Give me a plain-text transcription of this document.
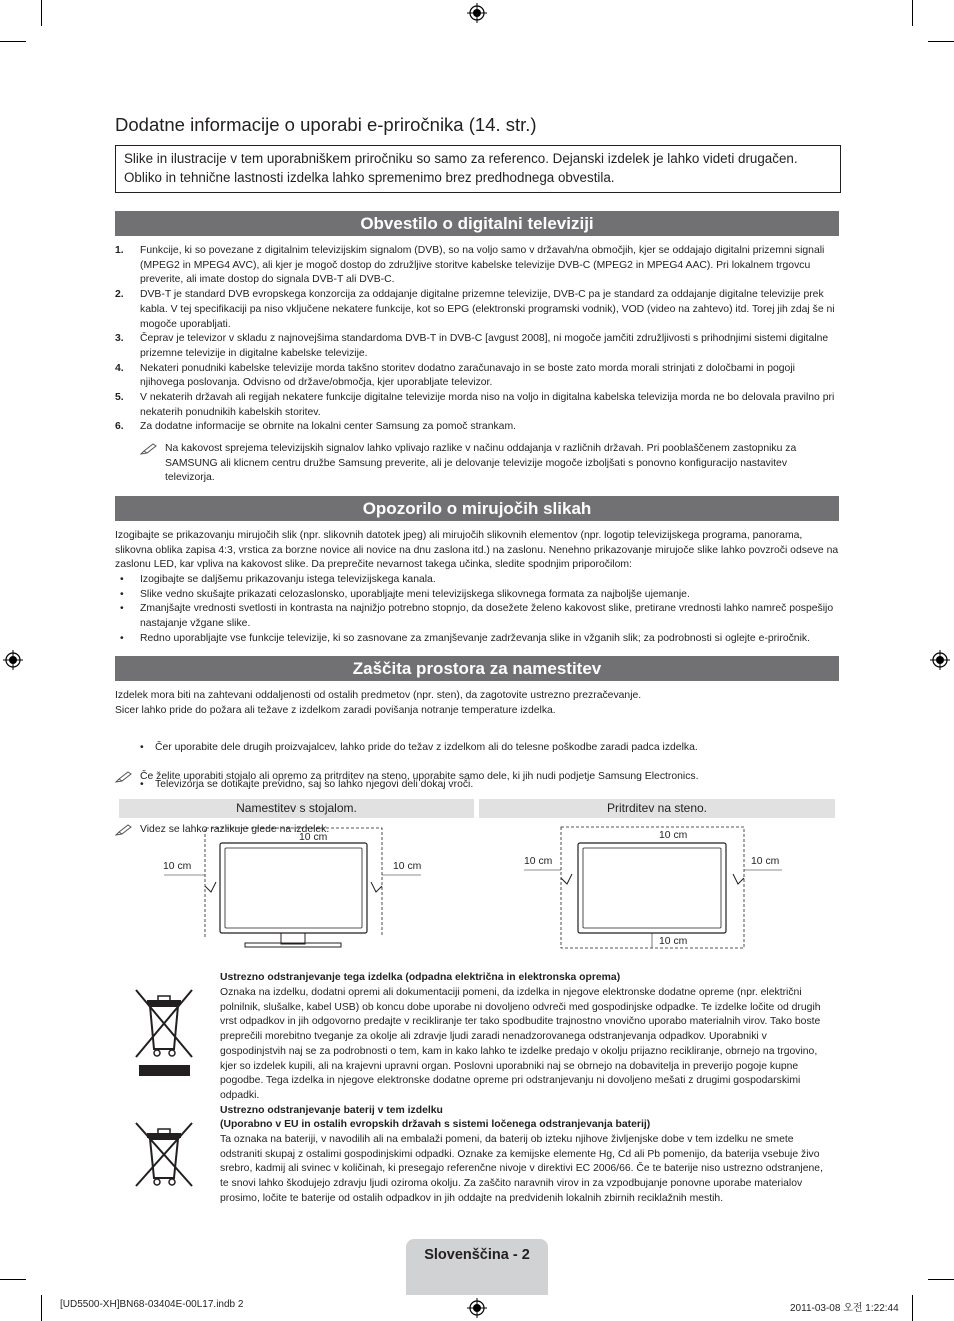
Dodatne informacije o uporabi e-priročnika (14. str.)
Slike in ilustracije v tem uporabniškem priročniku so samo za referenco. Dejanski izdelek je lahko videti drugačen. Obliko in tehnične lastnosti izdelka lahko spremenimo brez predhodnega obvestila.
Obvestilo o digitalni televiziji
1. Funkcije, ki so povezane z digitalnim televizijskim signalom (DVB), so na voljo samo v državah/na območjih, kjer se oddajajo digitalni prizemni signali (MPEG2 in MPEG4 AVC), ali kjer je mogoč dostop do združljive storitve kabelske televizije DVB-C (MPEG2 in MPEG4 AAC). Pri lokalnem trgovcu preverite, ali imate dostop do signala DVB-T ali DVB-C.
2. DVB-T je standard DVB evropskega konzorcija za oddajanje digitalne prizemne televizije, DVB-C pa je standard za oddajanje digitalne televizije prek kabla. V tej specifikaciji pa niso vključene nekatere funkcije, kot so EPG (elektronski programski vodnik), VOD (video na zahtevo) itd. Torej jih zdaj še ni mogoče uporabljati.
3. Čeprav je televizor v skladu z najnovejšima standardoma DVB-T in DVB-C [avgust 2008], ni mogoče jamčiti združljivosti s prihodnjimi sistemi digitalne prizemne televizije in digitalne kabelske televizije.
4. Nekateri ponudniki kabelske televizije morda takšno storitev dodatno zaračunavajo in se boste zato morda morali strinjati z določbami in pogoji njihovega poslovanja. Odvisno od države/območja, kjer uporabljate televizor.
5. V nekaterih državah ali regijah nekatere funkcije digitalne televizije morda niso na voljo in digitalna kabelska televizija morda ne bo delovala pravilno pri nekaterih ponudnikih kabelskih storitev.
6. Za dodatne informacije se obrnite na lokalni center Samsung za pomoč strankam.
Na kakovost sprejema televizijskih signalov lahko vplivajo razlike v načinu oddajanja v različnih državah. Pri pooblaščenem zastopniku za SAMSUNG ali klicnem centru družbe Samsung preverite, ali je delovanje televizije mogoče izboljšati s ponovno konfiguracijo nastavitev televizorja.
Opozorilo o mirujočih slikah
Izogibajte se prikazovanju mirujočih slik (npr. slikovnih datotek jpeg) ali mirujočih slikovnih elementov (npr. logotip televizijskega programa, panorama, slikovna oblika zapisa 4:3, vrstica za borzne novice ali novice na dnu zaslona itd.) na zaslonu. Nenehno prikazovanje mirujoče slike lahko povzroči odseve na zaslonu LED, kar vpliva na kakovost slike. Da preprečite nevarnost takega učinka, sledite spodnjim priporočilom:
• Izogibajte se daljšemu prikazovanju istega televizijskega kanala.
• Slike vedno skušajte prikazati celozaslonsko, uporabljajte meni televizijskega slikovnega formata za najboljše ujemanje.
• Zmanjšajte vrednosti svetlosti in kontrasta na najnižjo potrebno stopnjo, da dosežete želeno kakovost slike, pretirane vrednosti lahko namreč pospešijo nastajanje vžgane slike.
• Redno uporabljajte vse funkcije televizije, ki so zasnovane za zmanjševanje zadrževanja slike in vžganih slik; za podrobnosti si oglejte e-priročnik.
Zaščita prostora za namestitev
Izdelek mora biti na zahtevani oddaljenosti od ostalih predmetov (npr. sten), da zagotovite ustrezno prezračevanje.
Sicer lahko pride do požara ali težave z izdelkom zaradi povišanja notranje temperature izdelka.
Če želite uporabiti stojalo ali opremo za pritrditev na steno, uporabite samo dele, ki jih nudi podjetje Samsung Electronics.
• Čer uporabite dele drugih proizvajalcev, lahko pride do težav z izdelkom ali do telesne poškodbe zaradi padca izdelka.
Videz se lahko razlikuje glede na izdelek.
• Televizorja se dotikajte previdno, saj so lahko njegovi deli dokaj vroči.
Namestitev s stojalom.	Pritrditev na steno.
10 cm
10 cm	10 cm
10 cm
10 cm	10 cm
10 cm
Ustrezno odstranjevanje tega izdelka (odpadna električna in elektronska oprema)
Oznaka na izdelku, dodatni opremi ali dokumentaciji pomeni, da izdelka in njegove elektronske dodatne opreme (npr. električni polnilnik, slušalke, kabel USB) ob koncu dobe uporabe ni dovoljeno odvreči med gospodinjske odpadke. Te izdelke ločite od drugih vrst odpadkov in jih odgovorno predajte v recikliranje ter tako spodbudite trajnostno vnovično uporabo materialnih virov. Tako boste preprečili morebitno tveganje za okolje ali zdravje ljudi zaradi nenadzorovanega odstranjevanja odpadkov. Uporabniki v gospodinjstvih naj se za podrobnosti o tem, kam in kako lahko te izdelke predajo v okolju prijazno recikliranje, obrnejo na trgovino, kjer so izdelek kupili, ali na krajevni upravni organ. Poslovni uporabniki naj se obrnejo na dobavitelja in preverijo pogoje kupne pogodbe. Tega izdelka in njegove elektronske dodatne opreme pri odstranjevanju ni dovoljeno mešati z drugimi gospodarskimi odpadki.
Ustrezno odstranjevanje baterij v tem izdelku
(Uporabno v EU in ostalih evropskih državah s sistemi ločenega odstranjevanja baterij)
Ta oznaka na bateriji, v navodilih ali na embalaži pomeni, da baterij ob izteku njihove življenjske dobe v tem izdelku ne smete odstraniti skupaj z ostalimi gospodinjskimi odpadki. Oznake za kemijske elemente Hg, Cd ali Pb pomenijo, da baterija vsebuje živo srebro, kadmij ali svinec v količinah, ki presegajo referenčne nivoje v direktivi EC 2006/66. Če te baterije niso ustrezno odstranjene, te snovi lahko škodujejo zdravju ljudi oziroma okolju. Za zaščito naravnih virov in za vzpodbujanje ponovne uporabe materialov prosimo, ločite te baterije od ostalih odpadkov in jih oddajte na predvidenih lokalnih zbirnih reciklažnih mestih.
Slovenščina - 2
[UD5500-XH]BN68-03404E-00L17.indb 2	2011-03-08 오전 1:22:44
